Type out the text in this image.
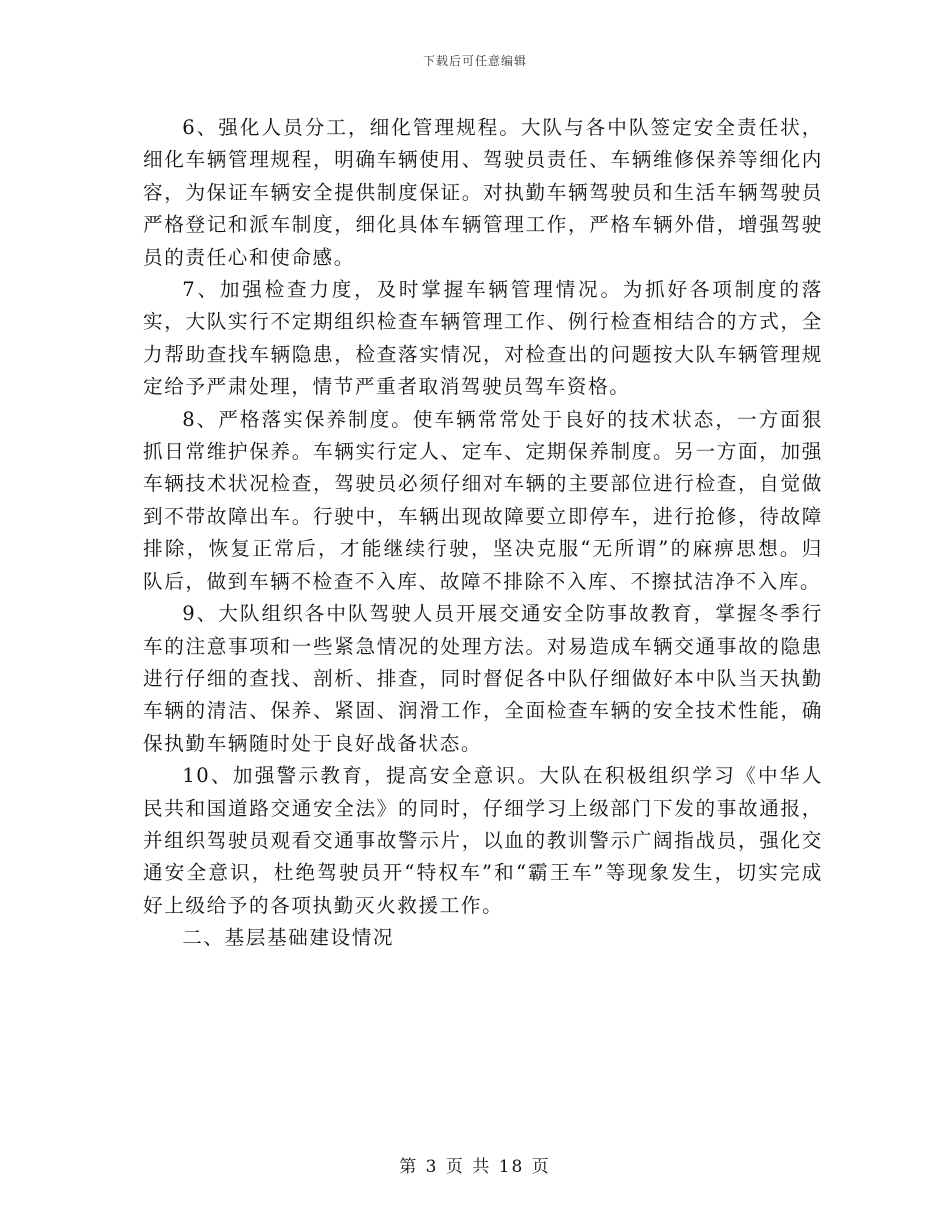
下载后可任意编辑

6、强化人员分工，细化管理规程。大队与各中队签定安全责任状，细化车辆管理规程，明确车辆使用、驾驶员责任、车辆维修保养等细化内容，为保证车辆安全提供制度保证。对执勤车辆驾驶员和生活车辆驾驶员严格登记和派车制度，细化具体车辆管理工作，严格车辆外借，增强驾驶员的责任心和使命感。

7、加强检查力度，及时掌握车辆管理情况。为抓好各项制度的落实，大队实行不定期组织检查车辆管理工作、例行检查相结合的方式，全力帮助查找车辆隐患，检查落实情况，对检查出的问题按大队车辆管理规定给予严肃处理，情节严重者取消驾驶员驾车资格。

8、严格落实保养制度。使车辆常常处于良好的技术状态，一方面狠抓日常维护保养。车辆实行定人、定车、定期保养制度。另一方面，加强车辆技术状况检查，驾驶员必须仔细对车辆的主要部位进行检查，自觉做到不带故障出车。行驶中，车辆出现故障要立即停车，进行抢修，待故障排除，恢复正常后，才能继续行驶，坚决克服“无所谓”的麻痹思想。归队后，做到车辆不检查不入库、故障不排除不入库、不擦拭洁净不入库。

9、大队组织各中队驾驶人员开展交通安全防事故教育，掌握冬季行车的注意事项和一些紧急情况的处理方法。对易造成车辆交通事故的隐患进行仔细的查找、剖析、排查，同时督促各中队仔细做好本中队当天执勤车辆的清洁、保养、紧固、润滑工作，全面检查车辆的安全技术性能，确保执勤车辆随时处于良好战备状态。

10、加强警示教育，提高安全意识。大队在积极组织学习《中华人民共和国道路交通安全法》的同时，仔细学习上级部门下发的事故通报，并组织驾驶员观看交通事故警示片，以血的教训警示广阔指战员，强化交通安全意识，杜绝驾驶员开“特权车”和“霸王车”等现象发生，切实完成好上级给予的各项执勤灭火救援工作。

二、基层基础建设情况

第 3 页 共 18 页
